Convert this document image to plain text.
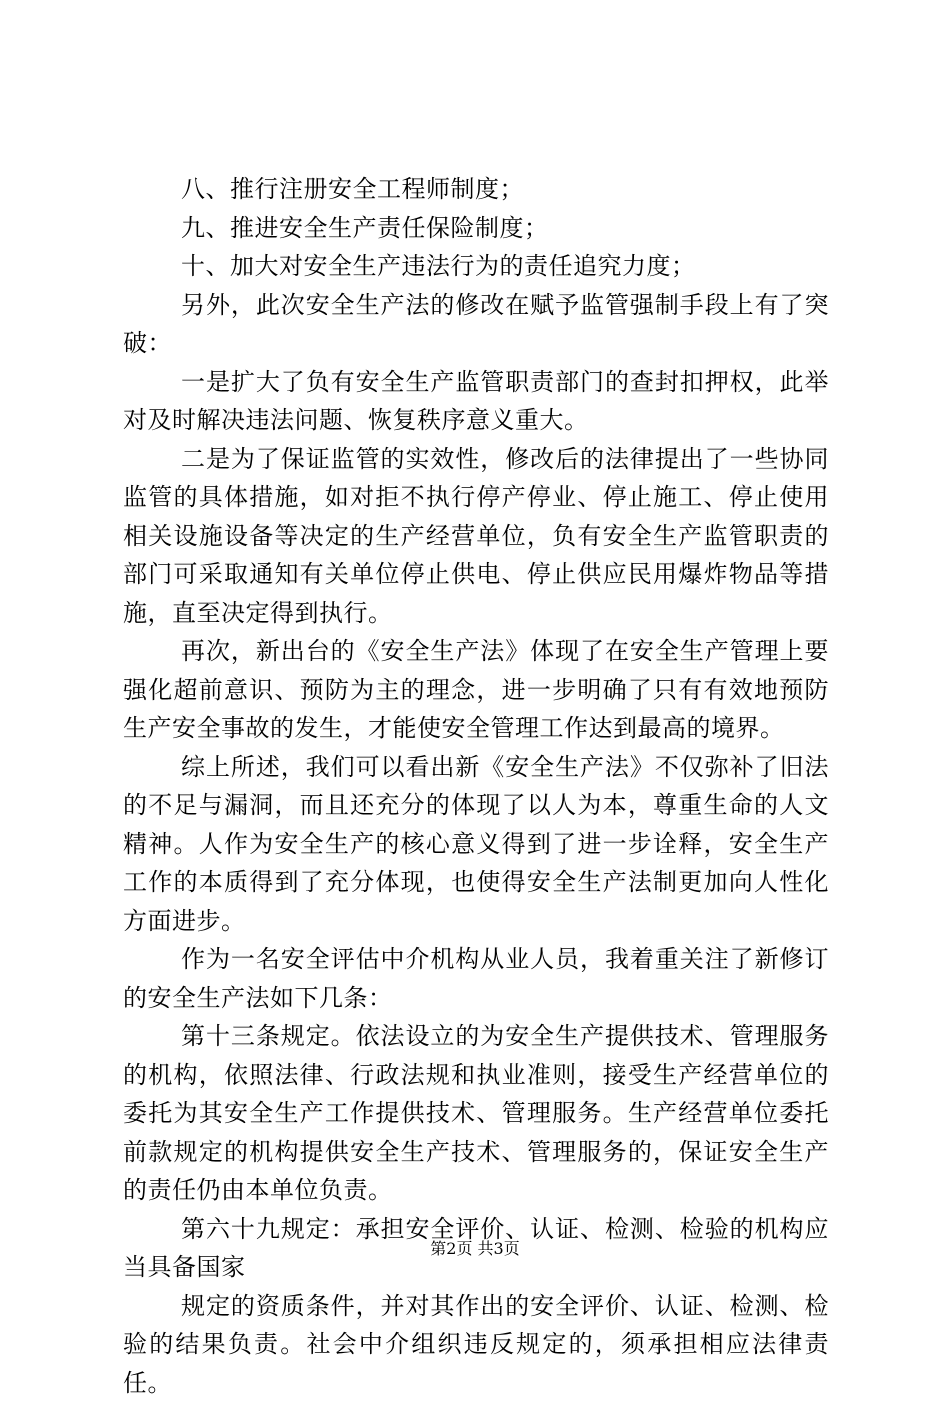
八、推行注册安全工程师制度；

九、推进安全生产责任保险制度；

十、加大对安全生产违法行为的责任追究力度；

另外，此次安全生产法的修改在赋予监管强制手段上有了突破：

一是扩大了负有安全生产监管职责部门的查封扣押权，此举对及时解决违法问题、恢复秩序意义重大。

二是为了保证监管的实效性，修改后的法律提出了一些协同监管的具体措施，如对拒不执行停产停业、停止施工、停止使用相关设施设备等决定的生产经营单位，负有安全生产监管职责的部门可采取通知有关单位停止供电、停止供应民用爆炸物品等措施，直至决定得到执行。

再次，新出台的《安全生产法》体现了在安全生产管理上要强化超前意识、预防为主的理念，进一步明确了只有有效地预防生产安全事故的发生，才能使安全管理工作达到最高的境界。

综上所述，我们可以看出新《安全生产法》不仅弥补了旧法的不足与漏洞，而且还充分的体现了以人为本，尊重生命的人文精神。人作为安全生产的核心意义得到了进一步诠释，安全生产工作的本质得到了充分体现，也使得安全生产法制更加向人性化方面进步。

作为一名安全评估中介机构从业人员，我着重关注了新修订的安全生产法如下几条：

第十三条规定。依法设立的为安全生产提供技术、管理服务的机构，依照法律、行政法规和执业准则，接受生产经营单位的委托为其安全生产工作提供技术、管理服务。生产经营单位委托前款规定的机构提供安全生产技术、管理服务的，保证安全生产的责任仍由本单位负责。

第六十九规定：承担安全评价、认证、检测、检验的机构应当具备国家

规定的资质条件，并对其作出的安全评价、认证、检测、检验的结果负责。社会中介组织违反规定的，须承担相应法律责任。

第2页 共3页
